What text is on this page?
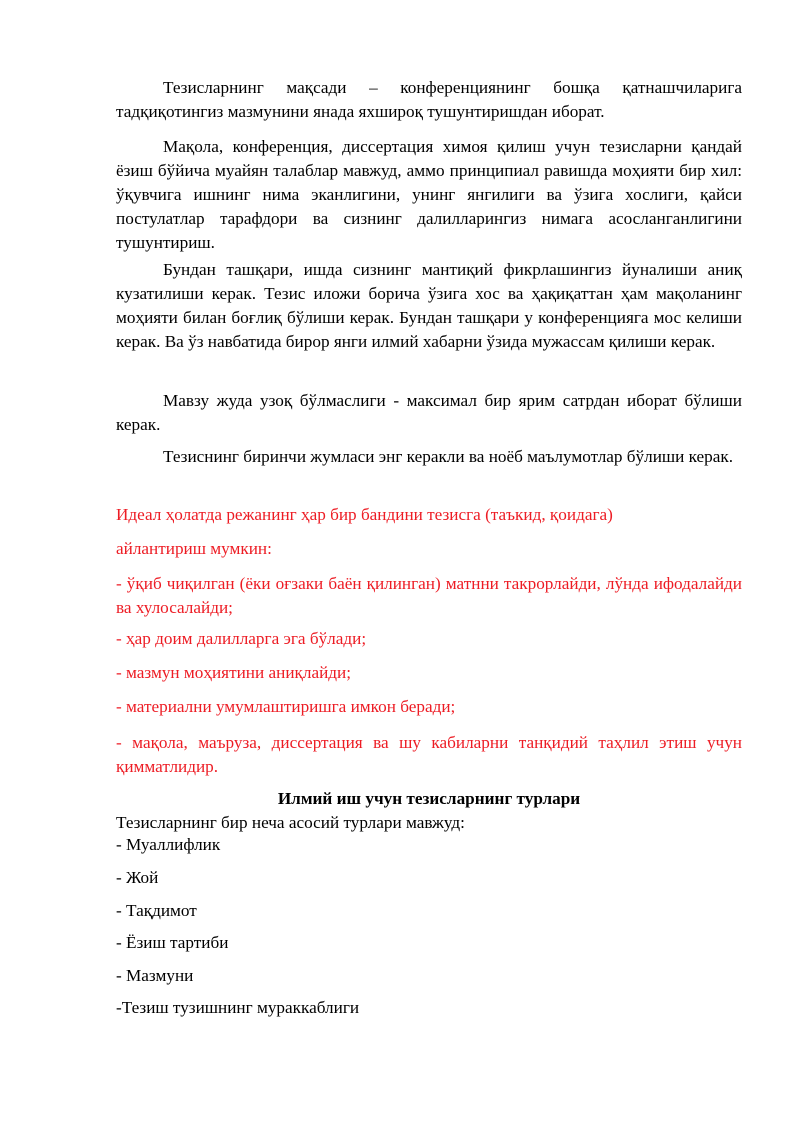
Тезисларнинг мақсади – конференциянинг бошқа қатнашчиларига тадқиқотингиз мазмунини янада яхшироқ тушунтиришдан иборат.

Мақола, конференция, диссертация химоя қилиш учун тезисларни қандай ёзиш бўйича муайян талаблар мавжуд, аммо принципиал равишда моҳияти бир хил: ўқувчига ишнинг нима эканлигини, унинг янгилиги ва ўзига хослиги, қайси постулатлар тарафдори ва сизнинг далилларингиз нимага асосланганлигини тушунтириш.

Бундан ташқари, ишда сизнинг мантиқий фикрлашингиз йуналиши аниқ кузатилиши керак. Тезис иложи борича ўзига хос ва ҳақиқаттан ҳам мақоланинг моҳияти билан боғлиқ бўлиши керак. Бундан ташқари у конференцияга мос келиши керак. Ва ўз навбатида бирор янги илмий хабарни ўзида мужассам қилиши керак.

Мавзу жуда узоқ бўлмаслиги - максимал бир ярим сатрдан иборат бўлиши керак.

Тезиснинг биринчи жумласи энг керакли ва ноёб маълумотлар бўлиши керак.

Идеал ҳолатда режанинг ҳар бир бандини тезисга (таъкид, қоидага)

айлантириш мумкин:

- ўқиб чиқилган (ёки оғзаки баён қилинган) матнни такрорлайди, лўнда ифодалайди ва хулосалайди;

- ҳар доим далилларга эга бўлади;

- мазмун моҳиятини аниқлайди;

- материални умумлаштиришга имкон беради;

- мақола, маъруза, диссертация ва шу кабиларни танқидий таҳлил этиш учун қимматлидир.

Илмий иш учун тезисларнинг турлари

Тезисларнинг бир неча асосий турлари мавжуд:

- Муаллифлик

- Жой

- Тақдимот

- Ёзиш тартиби

- Мазмуни

-Тезиш тузишнинг мураккаблиги
